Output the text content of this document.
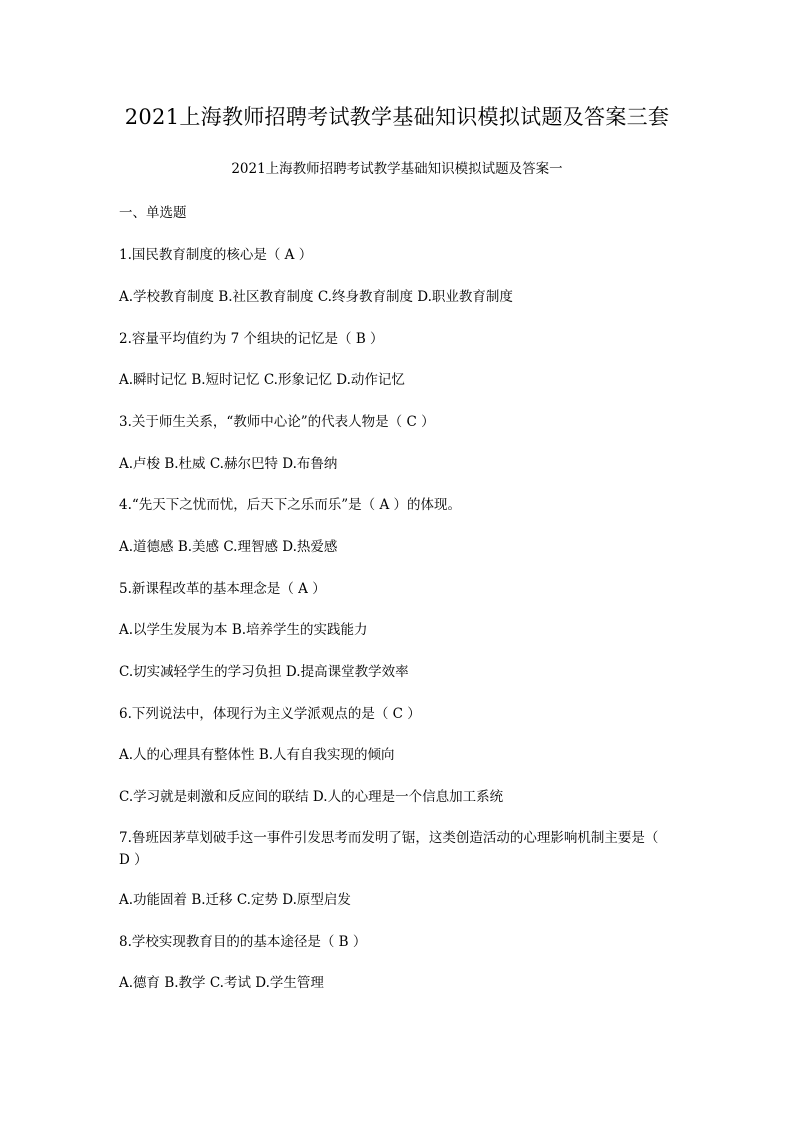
2021上海教师招聘考试教学基础知识模拟试题及答案三套
2021上海教师招聘考试教学基础知识模拟试题及答案一
一、单选题
1.国民教育制度的核心是（ A ）
A.学校教育制度 B.社区教育制度 C.终身教育制度 D.职业教育制度
2.容量平均值约为 7 个组块的记忆是（ B ）
A.瞬时记忆 B.短时记忆 C.形象记忆 D.动作记忆
3.关于师生关系，“教师中心论”的代表人物是（ C ）
A.卢梭 B.杜威 C.赫尔巴特 D.布鲁纳
4.“先天下之忧而忧，后天下之乐而乐”是（ A ）的体现。
A.道德感 B.美感 C.理智感 D.热爱感
5.新课程改革的基本理念是（ A ）
A.以学生发展为本 B.培养学生的实践能力
C.切实减轻学生的学习负担 D.提高课堂教学效率
6.下列说法中，体现行为主义学派观点的是（ C ）
A.人的心理具有整体性 B.人有自我实现的倾向
C.学习就是刺激和反应间的联结 D.人的心理是一个信息加工系统
7.鲁班因茅草划破手这一事件引发思考而发明了锯，这类创造活动的心理影响机制主要是（
D ）
A.功能固着 B.迁移 C.定势 D.原型启发
8.学校实现教育目的的基本途径是（ B ）
A.德育 B.教学 C.考试 D.学生管理
